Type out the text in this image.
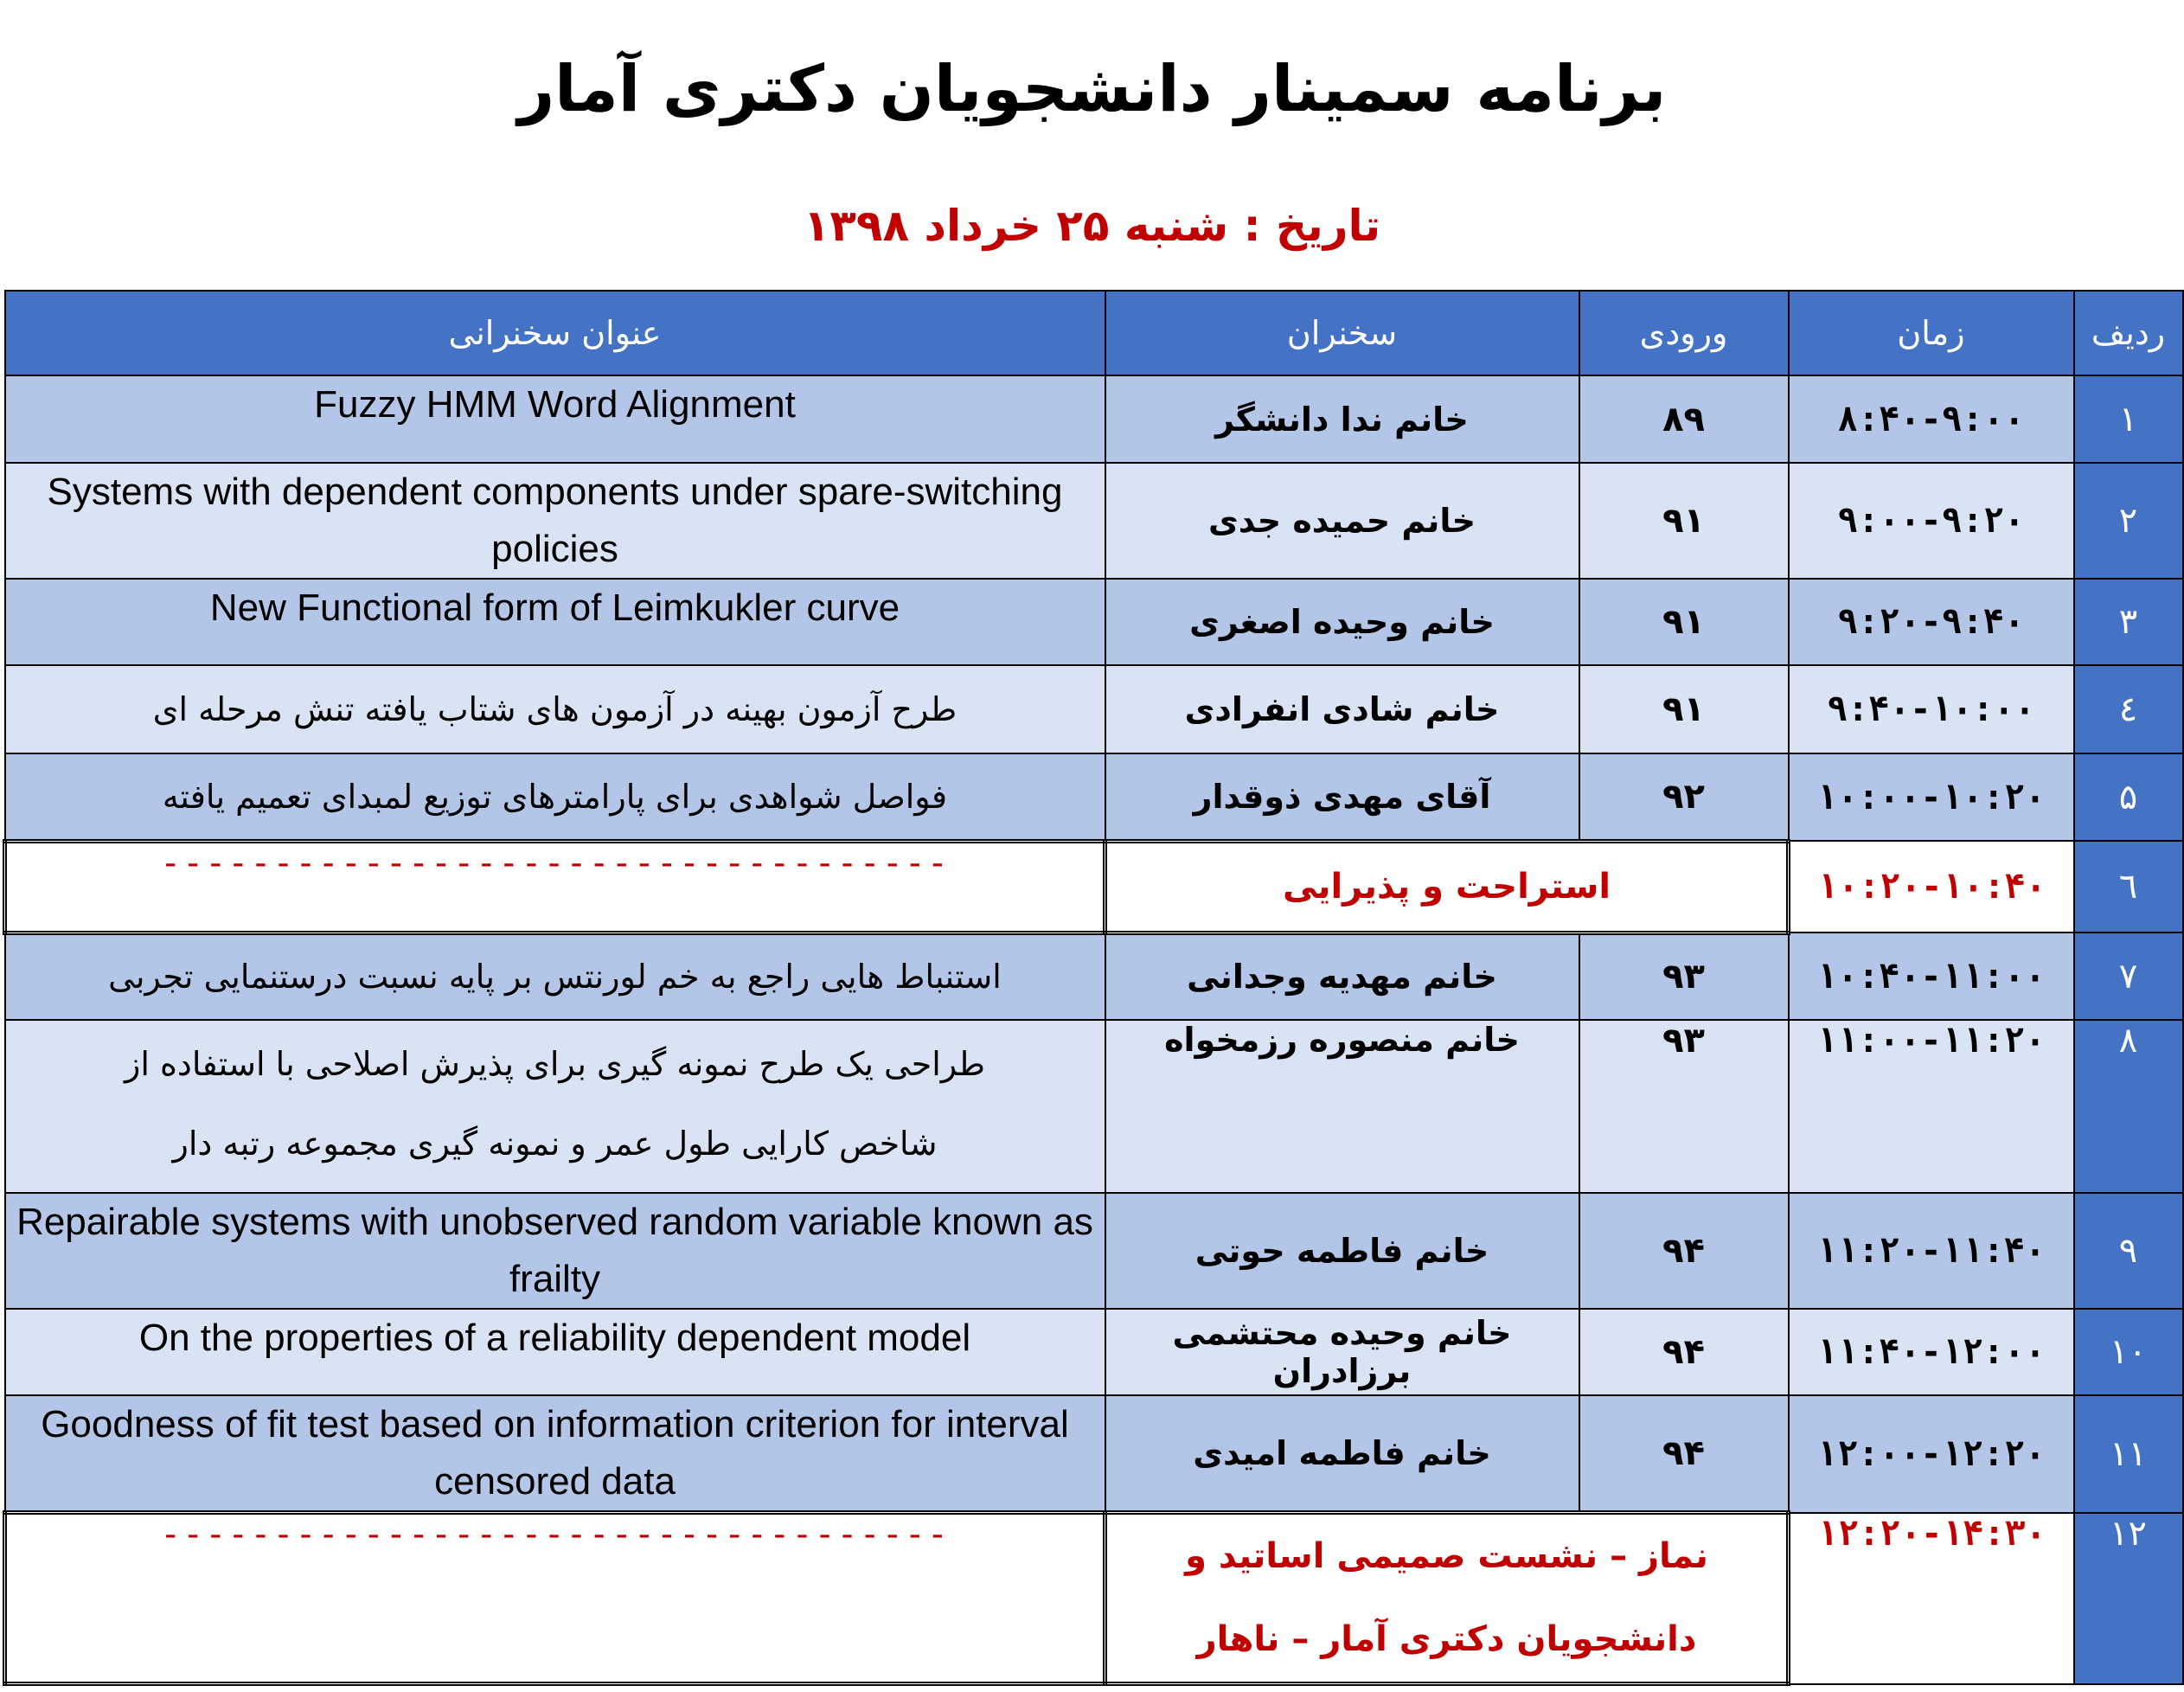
برنامه سمینار دانشجویان دکتری آمار
تاریخ : شنبه ۲۵ خرداد ۱۳۹۸
ردیف	زمان	ورودی	سخنران	عنوان سخنرانی
۱	۸:۴۰-۹:۰۰	۸۹	خانم ندا دانشگر	Fuzzy HMM Word Alignment
۲	۹:۰۰-۹:۲۰	۹۱	خانم حمیده جدی	Systems with dependent components under spare-switching policies
۳	۹:۲۰-۹:۴۰	۹۱	خانم وحیده اصغری	New Functional form of Leimkukler curve
٤	۹:۴۰-۱۰:۰۰	۹۱	خانم شادی انفرادی	طرح آزمون بهینه در آزمون های شتاب یافته تنش مرحله ای
۵	۱۰:۰۰-۱۰:۲۰	۹۲	آقای مهدی ذوقدار	فواصل شواهدی برای پارامترهای توزیع لمبدای تعمیم یافته
٦	۱۰:۲۰-۱۰:۴۰	استراحت و پذیرایی		-----------------------------------
۷	۱۰:۴۰-۱۱:۰۰	۹۳	خانم مهدیه وجدانی	استنباط هایی راجع به خم لورنتس بر پایه نسبت درستنمایی تجربی
۸	۱۱:۰۰-۱۱:۲۰	۹۳	خانم منصوره رزمخواه	طراحی یک طرح نمونه گیری برای پذیرش اصلاحی با استفاده از شاخص کارایی طول عمر و نمونه گیری مجموعه رتبه دار
۹	۱۱:۲۰-۱۱:۴۰	۹۴	خانم فاطمه حوتی	Repairable systems with unobserved random variable known as frailty
۱۰	۱۱:۴۰-۱۲:۰۰	۹۴	خانم وحیده محتشمی برزادران	On the properties of a reliability dependent model
۱۱	۱۲:۰۰-۱۲:۲۰	۹۴	خانم فاطمه امیدی	Goodness of fit test based on information criterion for interval censored data
۱۲	۱۲:۲۰-۱۴:۳۰	نماز – نشست صمیمی اساتید و دانشجویان دکتری آمار – ناهار		-----------------------------------
